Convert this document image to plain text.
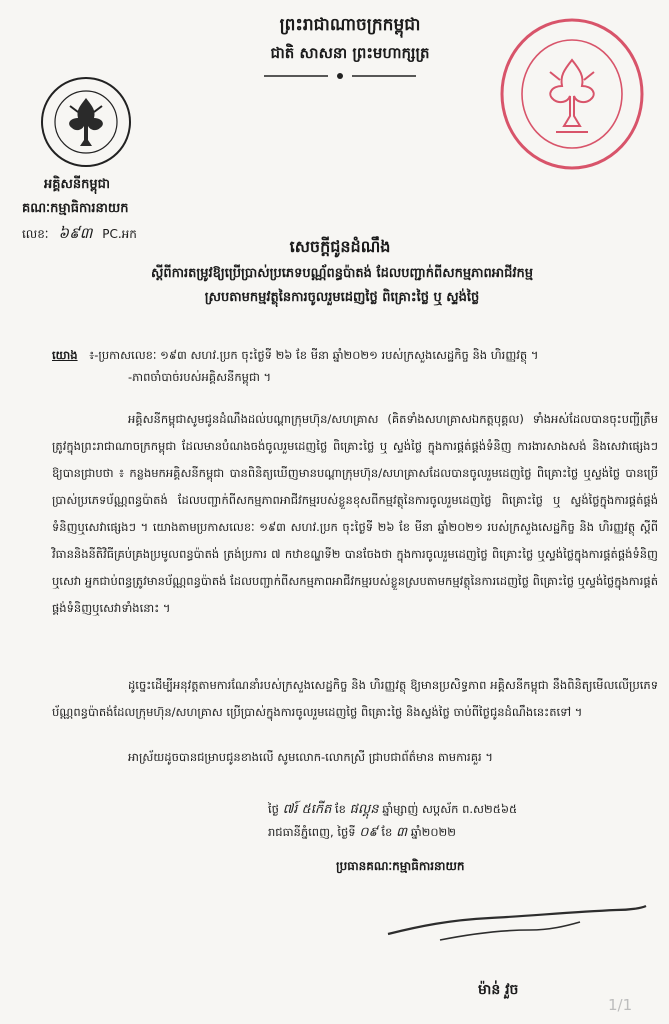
ព្រះរាជាណាចក្រកម្ពុជា
ជាតិ សាសនា ព្រះមហាក្សត្រ
អគ្គិសនីកម្ពុជា
គណៈកម្មាធិការនាយក
លេខៈ ៦៩៣ PC.អក
សេចក្ដីជូនដំណឹង
ស្ដីពីការតម្រូវឱ្យប្រើប្រាស់ប្រភេទបណ្ណ័ពន្ធប៉ាតង់ ដែលបញ្ជាក់ពីសកម្មភាពអាជីវកម្ម
ស្របតាមកម្មវត្ថុនៃការចូលរួមដេញថ្លៃ ពិគ្រោះថ្លៃ ឬ ស្ទង់ថ្លៃ
យោង ៖-ប្រកាសលេខៈ ១៩៣ សហវ.ប្រក ចុះថ្ងៃទី ២៦ ខែ មីនា ឆ្នាំ២០២១ របស់ក្រសួងសេដ្ឋកិច្ច និង ហិរញ្ញវត្ថុ ។
-ភាពចាំបាច់របស់អគ្គិសនីកម្ពុជា ។
អគ្គិសនីកម្ពុជាសូមជូនដំណឹងដល់បណ្ដាក្រុមហ៊ុន/សហគ្រាស (គិតទាំងសហគ្រាសឯកត្តបុគ្គល) ទាំងអស់ដែលបានចុះបញ្ជីត្រឹមត្រូវក្នុងព្រះរាជាណាចក្រកម្ពុជា ដែលមានបំណងចង់ចូលរួមដេញថ្លៃ ពិគ្រោះថ្លៃ ឬ ស្ទង់ថ្លៃ ក្នុងការផ្គត់ផ្គង់ទំនិញ ការងារសាងសង់ និងសេវាផ្សេងៗ ឱ្យបានជ្រាបថា ៖ កន្លងមកអគ្គិសនីកម្ពុជា បានពិនិត្យឃើញមានបណ្ដាក្រុមហ៊ុន/សហគ្រាសដែលបានចូលរួមដេញថ្លៃ ពិគ្រោះថ្លៃ ឬស្ទង់ថ្លៃ បានប្រើប្រាស់ប្រភេទប័ណ្ណពន្ធប៉ាតង់ ដែលបញ្ជាក់ពីសកម្មភាពអាជីវកម្មរបស់ខ្លួនខុសពីកម្មវត្ថុនៃការចូលរួមដេញថ្លៃ ពិគ្រោះថ្លៃ ឬ ស្ទង់ថ្លៃក្នុងការផ្គត់ផ្គង់ទំនិញឬសេវាផ្សេងៗ ។ យោងតាមប្រកាសលេខៈ ១៩៣ សហវ.ប្រក ចុះថ្ងៃទី ២៦ ខែ មីនា ឆ្នាំ២០២១ របស់ក្រសួងសេដ្ឋកិច្ច និង ហិរញ្ញវត្ថុ ស្ដីពីវិធាននិងនីតិវិធីគ្រប់គ្រងប្រមូលពន្ធប៉ាតង់ ត្រង់ប្រការ ៧ កឋាខណ្ឌទី២ បានចែងថា ក្នុងការចូលរួមដេញថ្លៃ ពិគ្រោះថ្លៃ ឬស្ទង់ថ្លៃក្នុងការផ្គត់ផ្គង់ទំនិញ ឬសេវា អ្នកជាប់ពន្ធត្រូវមានប័ណ្ណពន្ធប៉ាតង់ ដែលបញ្ជាក់ពីសកម្មភាពអាជីវកម្មរបស់ខ្លួនស្របតាមកម្មវត្ថុនៃការដេញថ្លៃ ពិគ្រោះថ្លៃ ឬស្ទង់ថ្លៃក្នុងការផ្គត់ផ្គង់ទំនិញឬសេវាទាំងនោះ ។
ដូច្នេះដើម្បីអនុវត្តតាមការណែនាំរបស់ក្រសួងសេដ្ឋកិច្ច និង ហិរញ្ញវត្ថុ ឱ្យមានប្រសិទ្ធភាព អគ្គិសនីកម្ពុជា នឹងពិនិត្យមើលលើប្រភេទប័ណ្ណពន្ធប៉ាតង់ដែលក្រុមហ៊ុន/សហគ្រាស ប្រើប្រាស់ក្នុងការចូលរួមដេញថ្លៃ ពិគ្រោះថ្លៃ និងស្ទង់ថ្លៃ ចាប់ពីថ្ងៃជូនដំណឹងនេះតទៅ ។
អាស្រ័យដូចបានជម្រាបជូនខាងលើ សូមលោក-លោកស្រី ជ្រាបជាព័ត៌មាន តាមការគួរ ។
ថ្ងៃ ៧រ៍ ៥កើត ខែ ផល្គុន ឆ្នាំម្សាញ់ សប្ដស័ក ព.ស២៥៦៥
រាជធានីភ្នំពេញ, ថ្ងៃទី ០៩ ខែ ៣ ឆ្នាំ២០២២
ប្រធានគណៈកម្មាធិការនាយក
ម៉ាន់ វួច
1/1
